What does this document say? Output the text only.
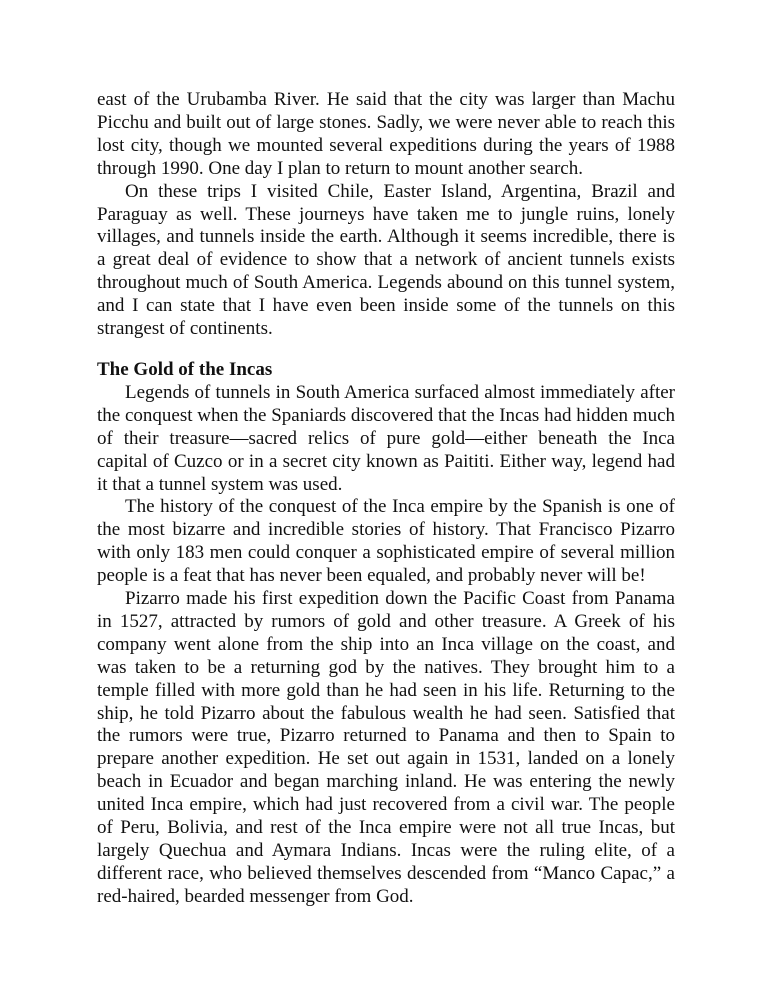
east of the Urubamba River. He said that the city was larger than Machu Picchu and built out of large stones. Sadly, we were never able to reach this lost city, though we mounted several expeditions during the years of 1988 through 1990. One day I plan to return to mount another search.

On these trips I visited Chile, Easter Island, Argentina, Brazil and Paraguay as well. These journeys have taken me to jungle ruins, lonely villages, and tunnels inside the earth. Although it seems incredible, there is a great deal of evidence to show that a network of ancient tunnels exists throughout much of South America. Legends abound on this tunnel system, and I can state that I have even been inside some of the tunnels on this strangest of continents.

The Gold of the Incas

Legends of tunnels in South America surfaced almost immediately after the conquest when the Spaniards discovered that the Incas had hidden much of their treasure—sacred relics of pure gold—either beneath the Inca capital of Cuzco or in a secret city known as Paititi. Either way, legend had it that a tunnel system was used.

The history of the conquest of the Inca empire by the Spanish is one of the most bizarre and incredible stories of history. That Francisco Pizarro with only 183 men could conquer a sophisticated empire of several million people is a feat that has never been equaled, and probably never will be!

Pizarro made his first expedition down the Pacific Coast from Panama in 1527, attracted by rumors of gold and other treasure. A Greek of his company went alone from the ship into an Inca village on the coast, and was taken to be a returning god by the natives. They brought him to a temple filled with more gold than he had seen in his life. Returning to the ship, he told Pizarro about the fabulous wealth he had seen. Satisfied that the rumors were true, Pizarro returned to Panama and then to Spain to prepare another expedition. He set out again in 1531, landed on a lonely beach in Ecuador and began marching inland. He was entering the newly united Inca empire, which had just recovered from a civil war. The people of Peru, Bolivia, and rest of the Inca empire were not all true Incas, but largely Quechua and Aymara Indians. Incas were the ruling elite, of a different race, who believed themselves descended from “Manco Capac,” a red-haired, bearded messenger from God.
